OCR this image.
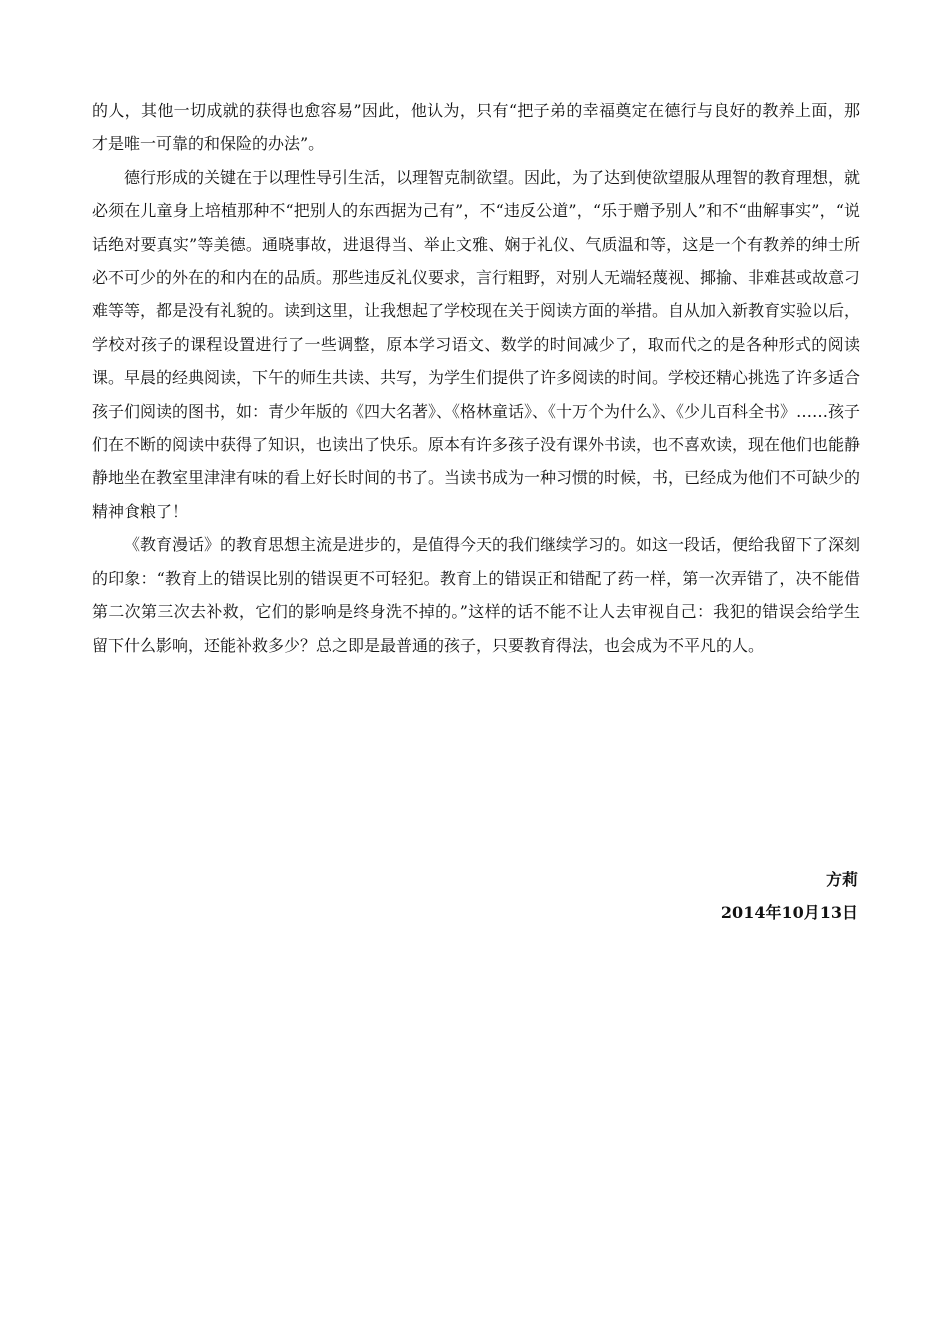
的人，其他一切成就的获得也愈容易”因此，他认为，只有“把子弟的幸福奠定在德行与良好的教养上面，那才是唯一可靠的和保险的办法”。

德行形成的关键在于以理性导引生活，以理智克制欲望。因此，为了达到使欲望服从理智的教育理想，就必须在儿童身上培植那种不“把别人的东西据为己有”，不“违反公道”，“乐于赠予别人”和不“曲解事实”，“说话绝对要真实”等美德。通晓事故，进退得当、举止文雅、娴于礼仪、气质温和等，这是一个有教养的绅士所必不可少的外在的和内在的品质。那些违反礼仪要求，言行粗野，对别人无端轻蔑视、揶揄、非难甚或故意刁难等等，都是没有礼貌的。读到这里，让我想起了学校现在关于阅读方面的举措。自从加入新教育实验以后，学校对孩子的课程设置进行了一些调整，原本学习语文、数学的时间减少了，取而代之的是各种形式的阅读课。早晨的经典阅读，下午的师生共读、共写，为学生们提供了许多阅读的时间。学校还精心挑选了许多适合孩子们阅读的图书，如：青少年版的《四大名著》、《格林童话》、《十万个为什么》、《少儿百科全书》……孩子们在不断的阅读中获得了知识，也读出了快乐。原本有许多孩子没有课外书读，也不喜欢读，现在他们也能静静地坐在教室里津津有味的看上好长时间的书了。当读书成为一种习惯的时候，书，已经成为他们不可缺少的精神食粮了！

《教育漫话》的教育思想主流是进步的，是值得今天的我们继续学习的。如这一段话，便给我留下了深刻的印象：“教育上的错误比别的错误更不可轻犯。教育上的错误正和错配了药一样，第一次弄错了，决不能借第二次第三次去补救，它们的影响是终身洗不掉的。”这样的话不能不让人去审视自己：我犯的错误会给学生留下什么影响，还能补救多少？总之即是最普通的孩子，只要教育得法，也会成为不平凡的人。

方莉
2014年10月13日
